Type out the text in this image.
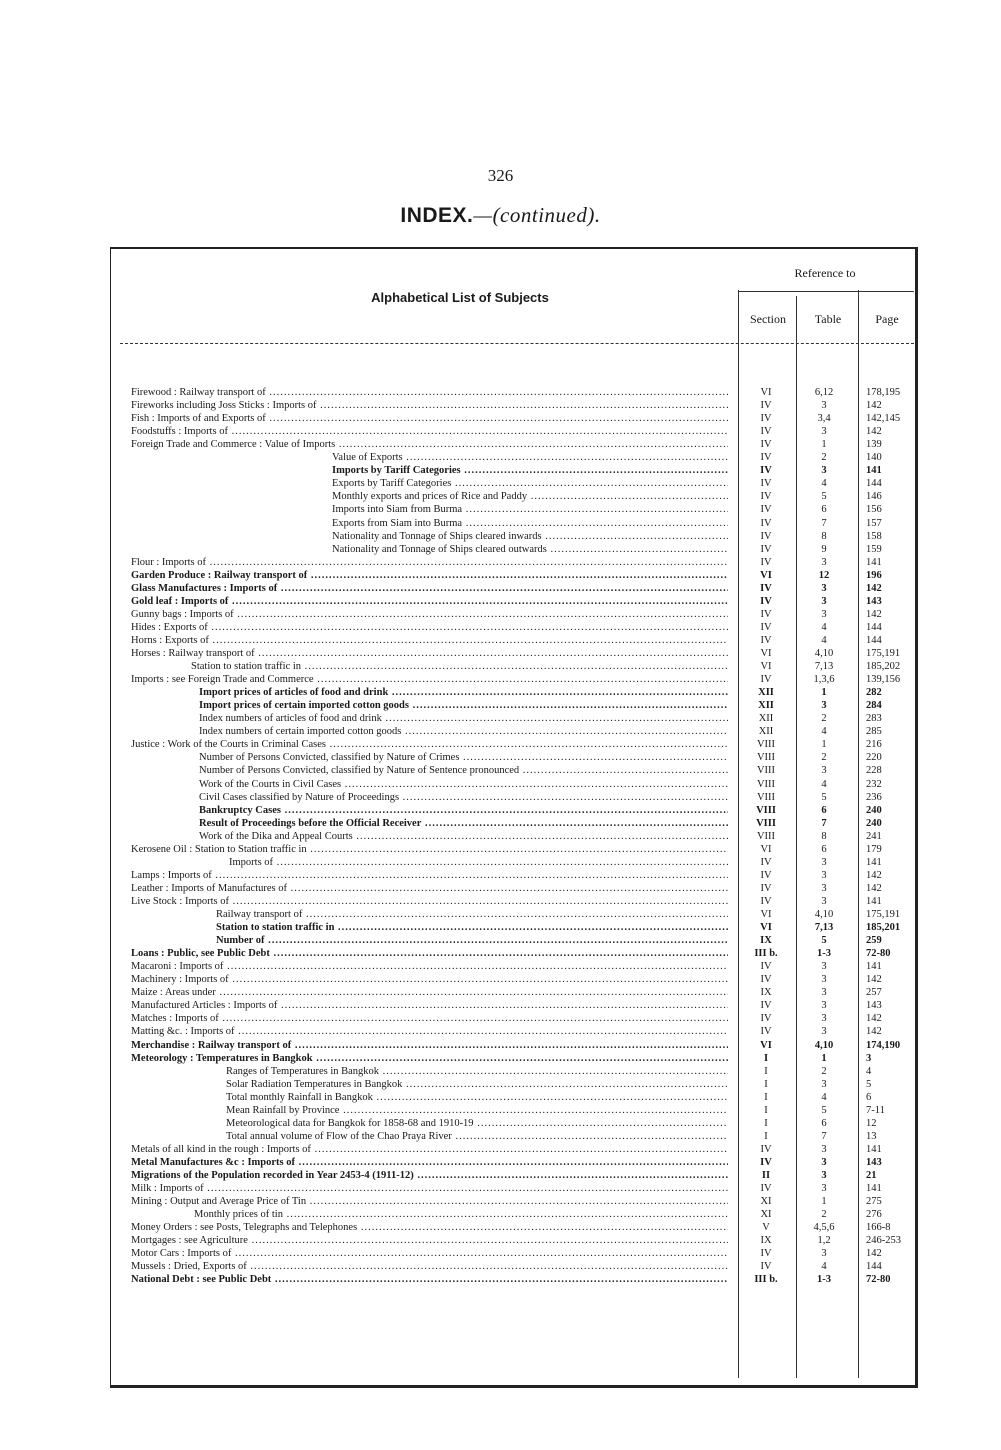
326
INDEX.—(continued).
Reference to
Alphabetical List of Subjects
Section	Table	Page
Firewood : Railway transport of .....	VI	6,12	178,195
Fireworks including Joss Sticks : Imports of .....	IV	3	142
Fish : Imports of and Exports of .....	IV	3,4	142,145
Foodstuffs : Imports of .....	IV	3	142
Foreign Trade and Commerce : Value of Imports .....	IV	1	139
Value of Exports .....	IV	2	140
Imports by Tariff Categories .....	IV	3	141
Exports by Tariff Categories .....	IV	4	144
Monthly exports and prices of Rice and Paddy .....	IV	5	146
Imports into Siam from Burma .....	IV	6	156
Exports from Siam into Burma .....	IV	7	157
Nationality and Tonnage of Ships cleared inwards .....	IV	8	158
Nationality and Tonnage of Ships cleared outwards .....	IV	9	159
Flour : Imports of .....	IV	3	141
Garden Produce : Railway transport of .....	VI	12	196
Glass Manufactures : Imports of .....	IV	3	142
Gold leaf : Imports of .....	IV	3	143
Gunny bags : Imports of .....	IV	3	142
Hides : Exports of .....	IV	4	144
Horns : Exports of .....	IV	4	144
Horses : Railway transport of .....	VI	4,10	175,191
Station to station traffic in .....	VI	7,13	185,202
Imports : see Foreign Trade and Commerce .....	IV	1,3,6	139,156
Import prices of articles of food and drink .....	XII	1	282
Import prices of certain imported cotton goods .....	XII	3	284
Index numbers of articles of food and drink .....	XII	2	283
Index numbers of certain imported cotton goods .....	XII	4	285
Justice : Work of the Courts in Criminal Cases .....	VIII	1	216
Number of Persons Convicted, classified by Nature of Crimes .....	VIII	2	220
Number of Persons Convicted, classified by Nature of Sentence pronounced .....	VIII	3	228
Work of the Courts in Civil Cases .....	VIII	4	232
Civil Cases classified by Nature of Proceedings .....	VIII	5	236
Bankruptcy Cases .....	VIII	6	240
Result of Proceedings before the Official Receiver .....	VIII	7	240
Work of the Dika and Appeal Courts .....	VIII	8	241
Kerosene Oil : Station to Station traffic in .....	VI	6	179
Imports of .....	IV	3	141
Lamps : Imports of .....	IV	3	142
Leather : Imports of Manufactures of .....	IV	3	142
Live Stock : Imports of .....	IV	3	141
Railway transport of .....	VI	4,10	175,191
Station to station traffic in .....	VI	7,13	185,201
Number of .....	IX	5	259
Loans : Public, see Public Debt .....	III b.	1-3	72-80
Macaroni : Imports of .....	IV	3	141
Machinery : Imports of .....	IV	3	142
Maize : Areas under .....	IX	3	257
Manufactured Articles : Imports of .....	IV	3	143
Matches : Imports of .....	IV	3	142
Matting &c. : Imports of .....	IV	3	142
Merchandise : Railway transport of .....	VI	4,10	174,190
Meteorology : Temperatures in Bangkok .....	I	1	3
Ranges of Temperatures in Bangkok .....	I	2	4
Solar Radiation Temperatures in Bangkok .....	I	3	5
Total monthly Rainfall in Bangkok .....	I	4	6
Mean Rainfall by Province .....	I	5	7-11
Meteorological data for Bangkok for 1858-68 and 1910-19 .....	I	6	12
Total annual volume of Flow of the Chao Praya River .....	I	7	13
Metals of all kind in the rough : Imports of .....	IV	3	141
Metal Manufactures &c : Imports of .....	IV	3	143
Migrations of the Population recorded in Year 2453-4 (1911-12) .....	II	3	21
Milk : Imports of .....	IV	3	141
Mining : Output and Average Price of Tin .....	XI	1	275
Monthly prices of tin .....	XI	2	276
Money Orders : see Posts, Telegraphs and Telephones .....	V	4,5,6	166-8
Mortgages : see Agriculture .....	IX	1,2	246-253
Motor Cars : Imports of .....	IV	3	142
Mussels : Dried, Exports of .....	IV	4	144
National Debt : see Public Debt .....	III b.	1-3	72-80
